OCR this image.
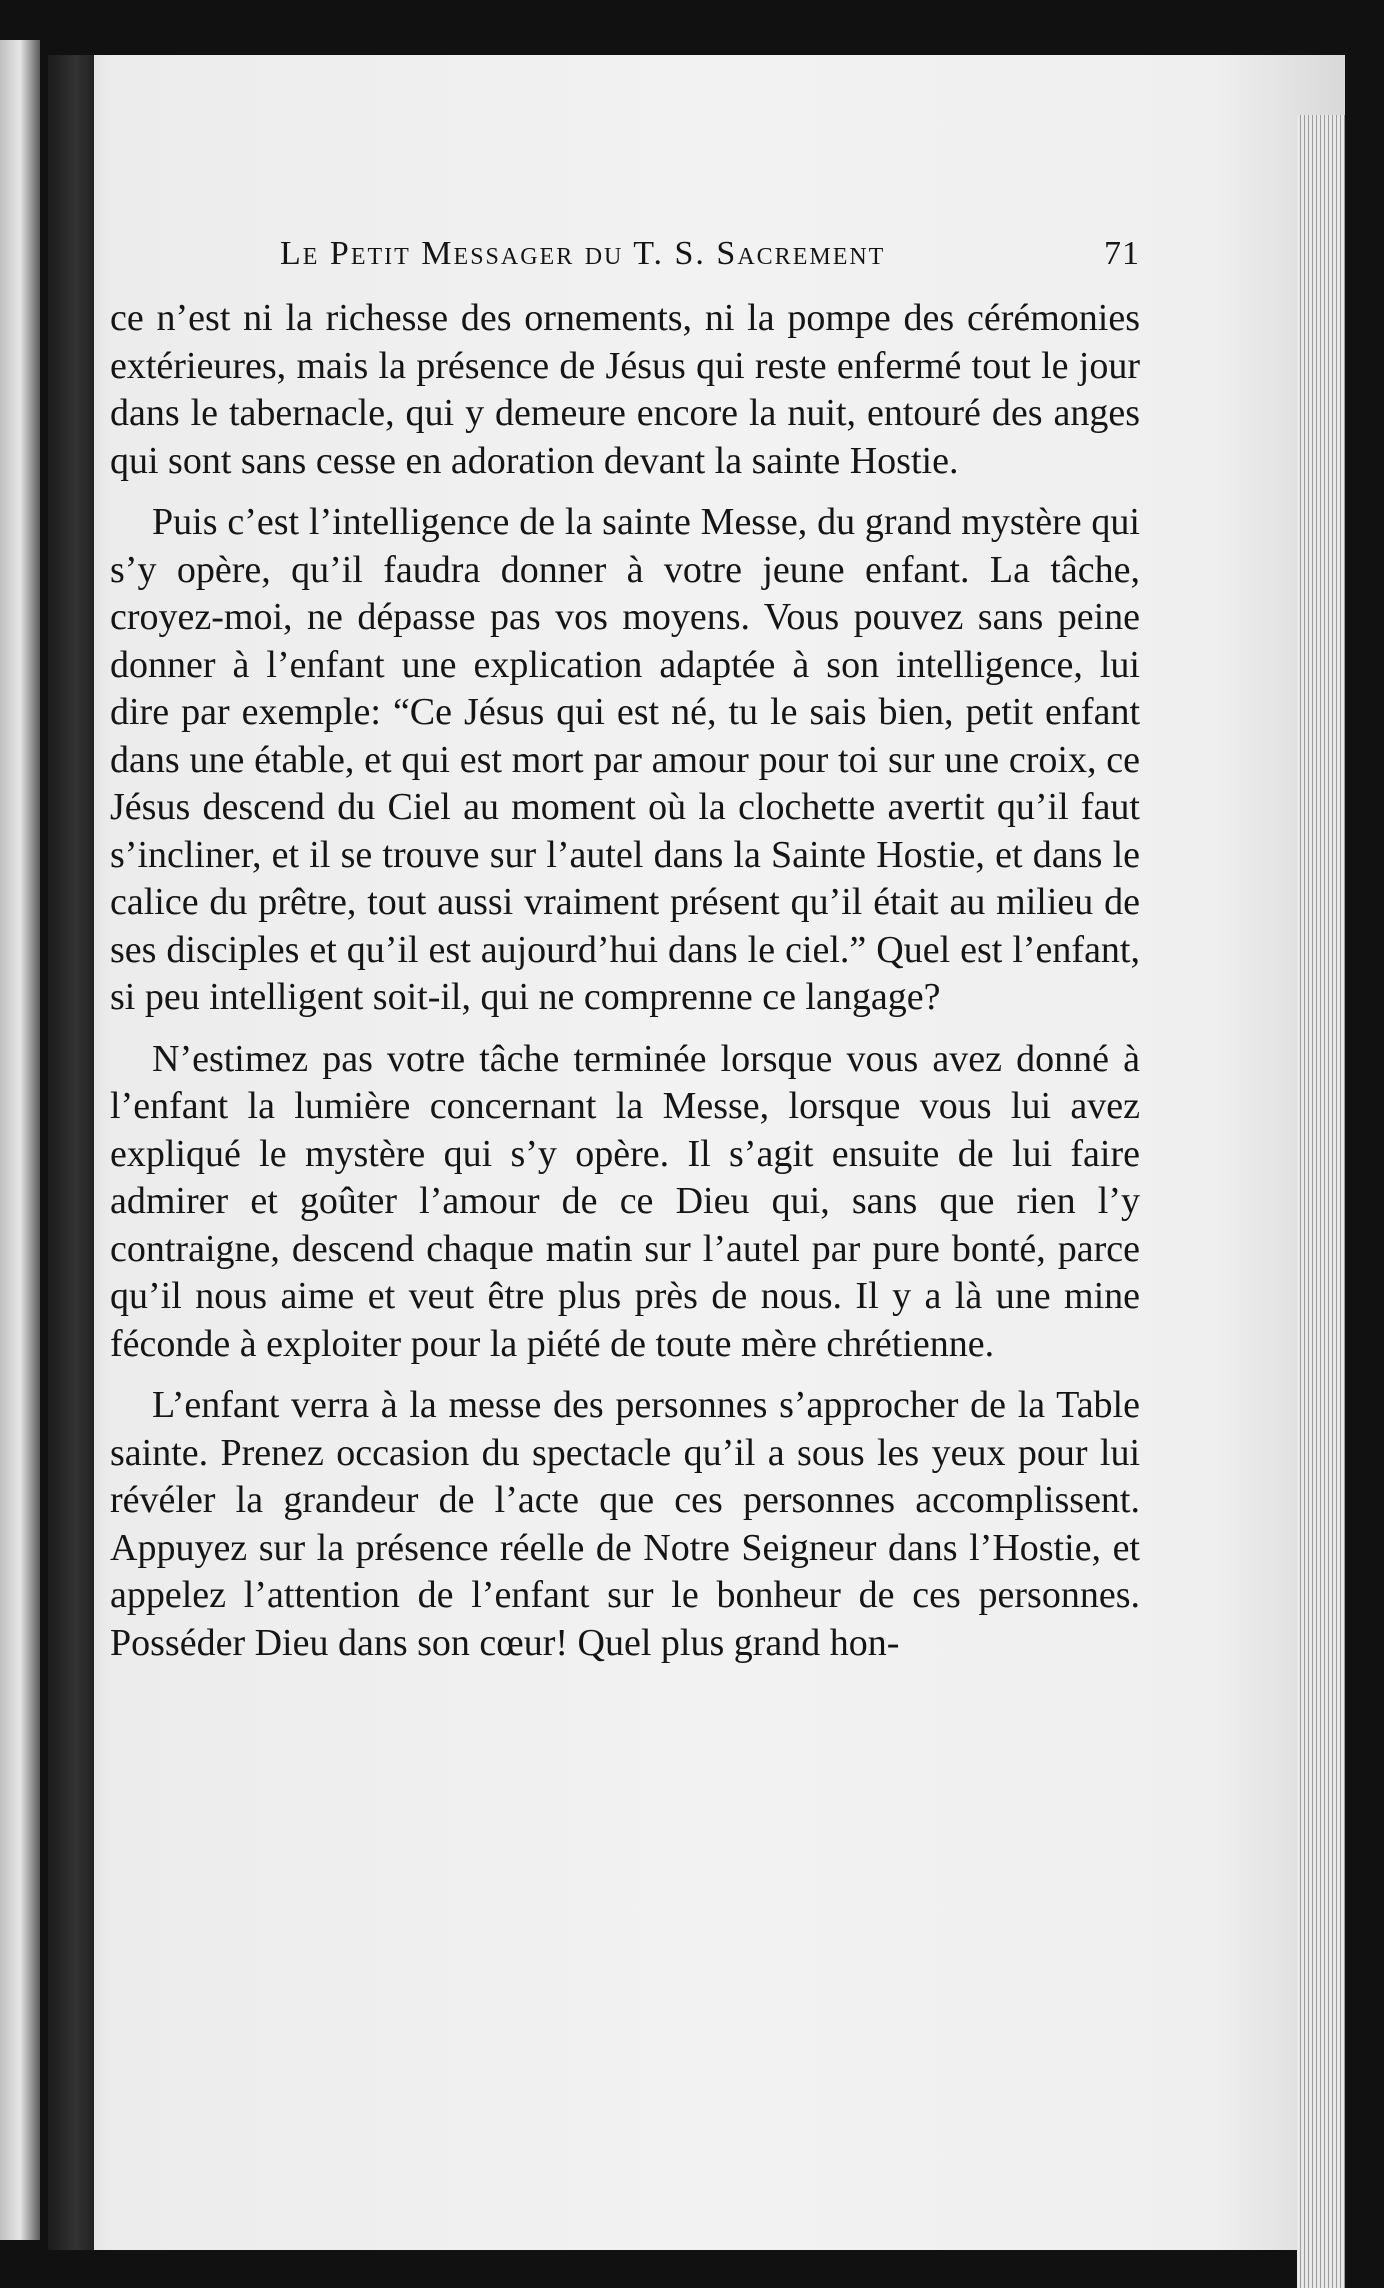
Le Petit Messager du T. S. Sacrement	71

ce n’est ni la richesse des ornements, ni la pompe des cérémonies extérieures, mais la présence de Jésus qui reste enfermé tout le jour dans le tabernacle, qui y demeure encore la nuit, entouré des anges qui sont sans cesse en adoration devant la sainte Hostie.

Puis c’est l’intelligence de la sainte Messe, du grand mystère qui s’y opère, qu’il faudra donner à votre jeune enfant. La tâche, croyez-moi, ne dépasse pas vos moyens. Vous pouvez sans peine donner à l’enfant une explication adaptée à son intelligence, lui dire par exemple: “Ce Jésus qui est né, tu le sais bien, petit enfant dans une étable, et qui est mort par amour pour toi sur une croix, ce Jésus descend du Ciel au moment où la clochette avertit qu’il faut s’incliner, et il se trouve sur l’autel dans la Sainte Hostie, et dans le calice du prêtre, tout aussi vraiment présent qu’il était au milieu de ses disciples et qu’il est aujourd’hui dans le ciel.” Quel est l’enfant, si peu intelligent soit-il, qui ne comprenne ce langage?

N’estimez pas votre tâche terminée lorsque vous avez donné à l’enfant la lumière concernant la Messe, lorsque vous lui avez expliqué le mystère qui s’y opère. Il s’agit ensuite de lui faire admirer et goûter l’amour de ce Dieu qui, sans que rien l’y contraigne, descend chaque matin sur l’autel par pure bonté, parce qu’il nous aime et veut être plus près de nous. Il y a là une mine féconde à exploiter pour la piété de toute mère chrétienne.

L’enfant verra à la messe des personnes s’approcher de la Table sainte. Prenez occasion du spectacle qu’il a sous les yeux pour lui révéler la grandeur de l’acte que ces personnes accomplissent. Appuyez sur la présence réelle de Notre Seigneur dans l’Hostie, et appelez l’attention de l’enfant sur le bonheur de ces personnes. Posséder Dieu dans son cœur! Quel plus grand hon-
